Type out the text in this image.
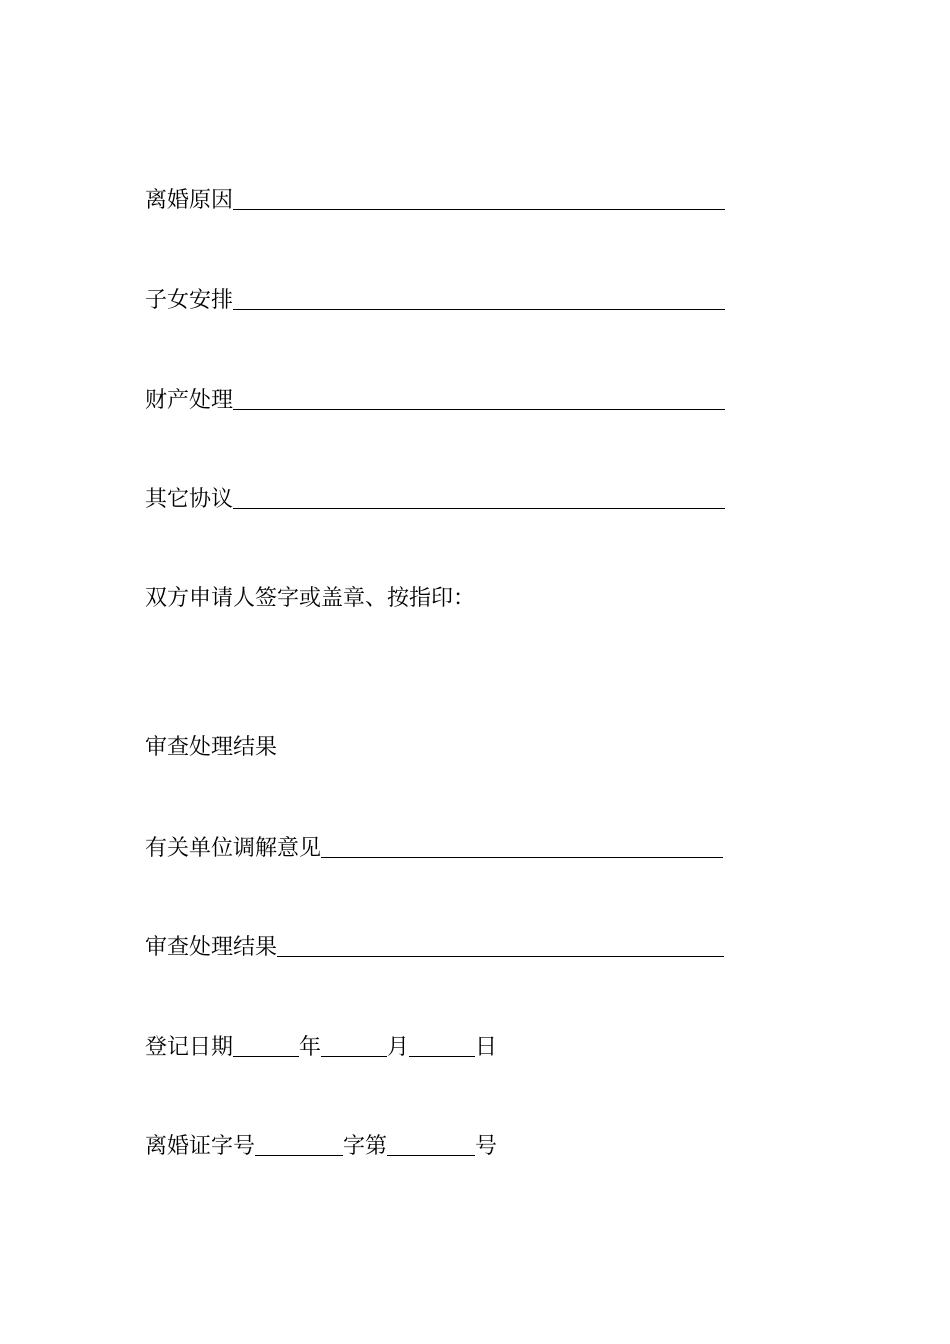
离婚原因
子女安排
财产处理
其它协议
双方申请人签字或盖章、按指印：
审查处理结果
有关单位调解意见
审查处理结果
登记日期	年	月	日
离婚证字号	字第	号
